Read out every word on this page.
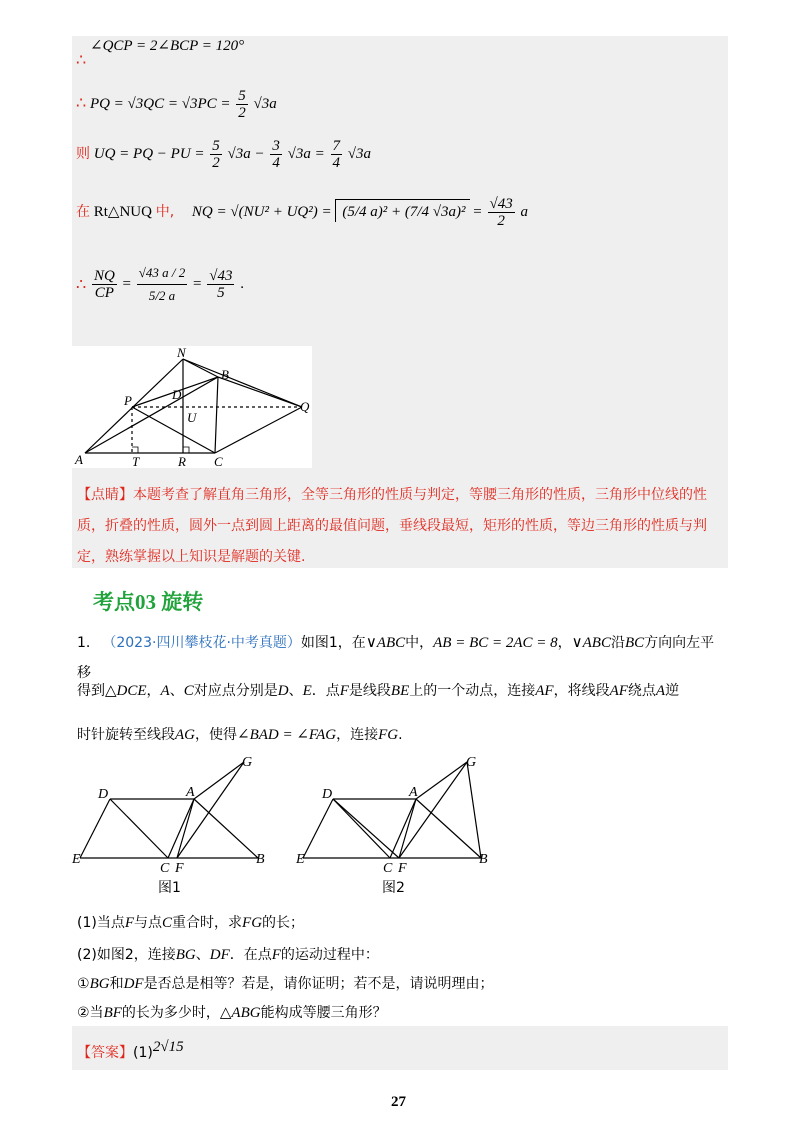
∠QCP = 2∠BCP = 120°
∴
∴ PQ = $√3QC = √3PC = \frac{5}{2} √3a$
则 UQ = PQ − PU = $\frac{5}{2} √3a - \frac{3}{4} √3a = \frac{7}{4} √3a$
在 Rt△NUQ 中, NQ = √(NU² + UQ²) = (5/4 a)² + (7/4 $√3a)^2 = \frac{√43}{2}$ a
∴ $\frac{NQ}{CP} = \frac{√43 a / 2}{5/2 a} = \frac{√43}{5}$ .
N
B
D
P	Q
U
A	T	R C
【点睛】本题考查了解直角三角形，全等三角形的性质与判定，等腰三角形的性质，三角形中位线的性质，折叠的性质，圆外一点到圆上距离的最值问题，垂线段最短，矩形的性质，等边三角形的性质与判定，熟练掌握以上知识是解题的关键.
考点03 旋转
1. （2023·四川攀枝花·中考真题）如图1，在∨ABC中，AB = BC = 2AC = 8，∨ABC沿BC方向向左平移
得到△DCE，A、C对应点分别是D、E．点F是线段BE上的一个动点，连接AF，将线段AF绕点A逆
时针旋转至线段AG，使得∠BAD = ∠FAG，连接FG.
G
D	A
E
C F
B
G
D	A
E
C F
B
图1	图2
(1)当点F与点C重合时，求FG的长；
(2)如图2，连接BG、DF．在点F的运动过程中：
①BG和DF是否总是相等？若是，请你证明；若不是，请说明理由；
②当BF的长为多少时，△ABG能构成等腰三角形？
【答案】(1)2√15
27
